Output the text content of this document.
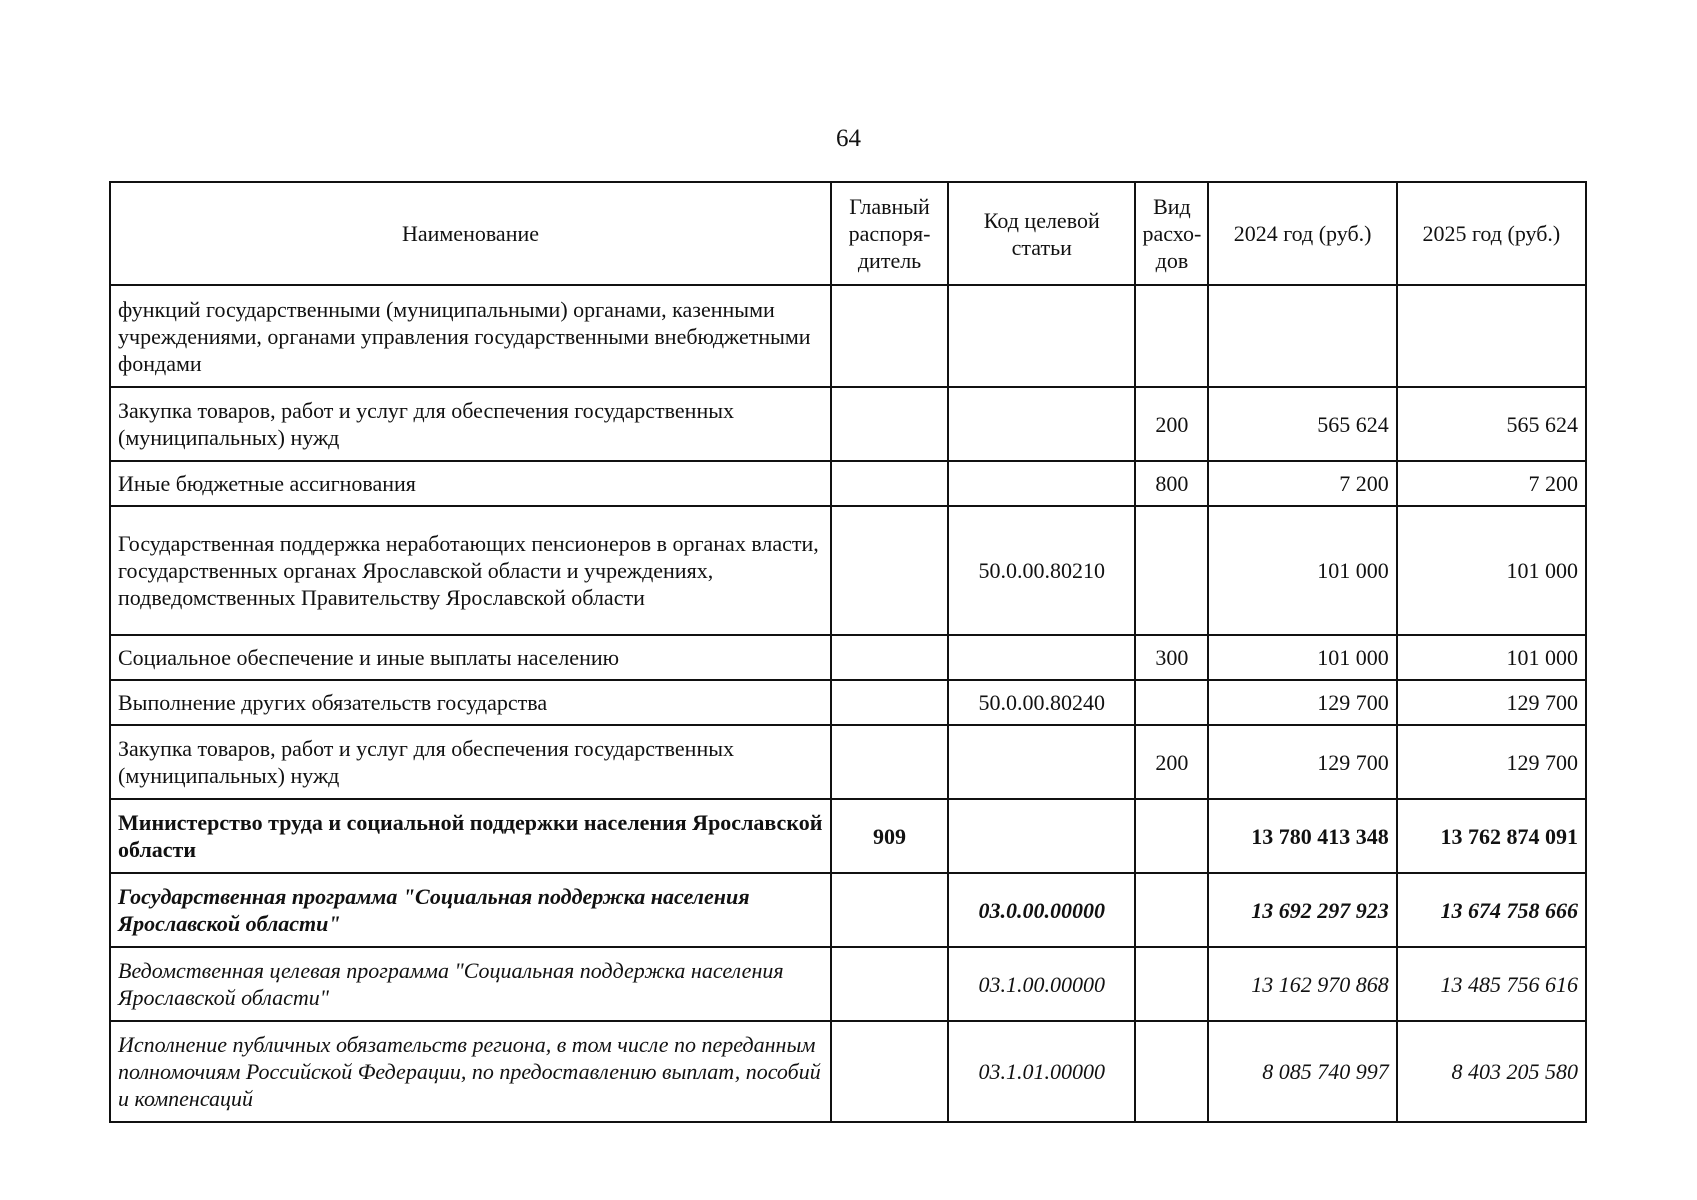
64
Наименование	Главный распоря- дитель	Код целевой статьи	Вид расхо- дов	2024 год (руб.)	2025 год (руб.)
функций государственными (муниципальными) органами, казенными учреждениями, органами управления государственными внебюджетными фондами					
Закупка товаров, работ и услуг для обеспечения государственных (муниципальных) нужд			200	565 624	565 624
Иные бюджетные ассигнования			800	7 200	7 200
Государственная поддержка неработающих пенсионеров в органах власти, государственных органах Ярославской области и учреждениях, подведомственных Правительству Ярославской области		50.0.00.80210		101 000	101 000
Социальное обеспечение и иные выплаты населению			300	101 000	101 000
Выполнение других обязательств государства		50.0.00.80240		129 700	129 700
Закупка товаров, работ и услуг для обеспечения государственных (муниципальных) нужд			200	129 700	129 700
Министерство труда и социальной поддержки населения Ярославской области	909			13 780 413 348	13 762 874 091
Государственная программа "Социальная поддержка населения Ярославской области"		03.0.00.00000		13 692 297 923	13 674 758 666
Ведомственная целевая программа "Социальная поддержка населения Ярославской области"		03.1.00.00000		13 162 970 868	13 485 756 616
Исполнение публичных обязательств региона, в том числе по переданным полномочиям Российской Федерации, по предоставлению выплат, пособий и компенсаций		03.1.01.00000		8 085 740 997	8 403 205 580
